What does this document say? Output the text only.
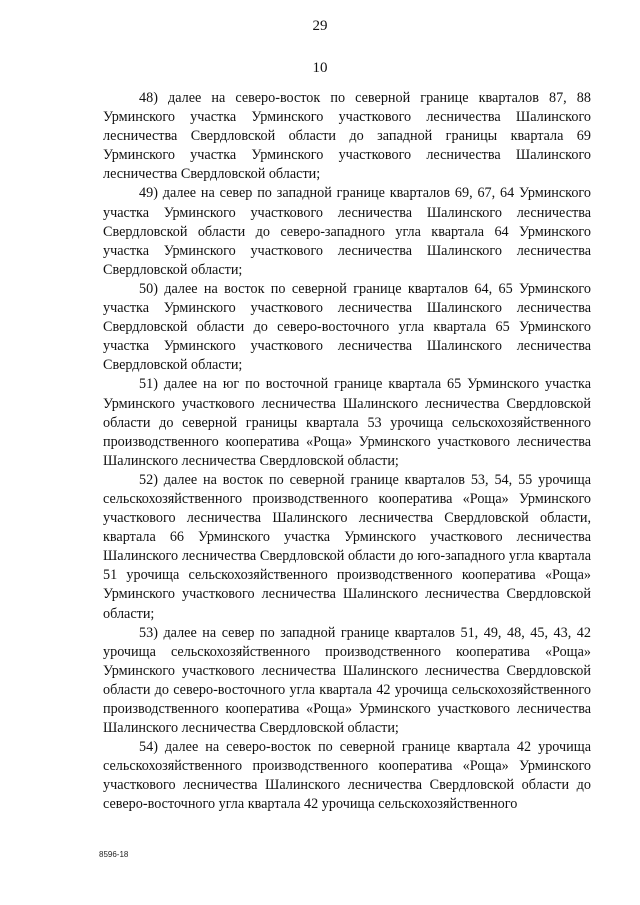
29
10

48) далее на северо-восток по северной границе кварталов 87, 88 Урминского участка Урминского участкового лесничества Шалинского лесничества Свердловской области до западной границы квартала 69 Урминского участка Урминского участкового лесничества Шалинского лесничества Свердловской области;

49) далее на север по западной границе кварталов 69, 67, 64 Урминского участка Урминского участкового лесничества Шалинского лесничества Свердловской области до северо-западного угла квартала 64 Урминского участка Урминского участкового лесничества Шалинского лесничества Свердловской области;

50) далее на восток по северной границе кварталов 64, 65 Урминского участка Урминского участкового лесничества Шалинского лесничества Свердловской области до северо-восточного угла квартала 65 Урминского участка Урминского участкового лесничества Шалинского лесничества Свердловской области;

51) далее на юг по восточной границе квартала 65 Урминского участка Урминского участкового лесничества Шалинского лесничества Свердловской области до северной границы квартала 53 урочища сельскохозяйственного производственного кооператива «Роща» Урминского участкового лесничества Шалинского лесничества Свердловской области;

52) далее на восток по северной границе кварталов 53, 54, 55 урочища сельскохозяйственного производственного кооператива «Роща» Урминского участкового лесничества Шалинского лесничества Свердловской области, квартала 66 Урминского участка Урминского участкового лесничества Шалинского лесничества Свердловской области до юго-западного угла квартала 51 урочища сельскохозяйственного производственного кооператива «Роща» Урминского участкового лесничества Шалинского лесничества Свердловской области;

53) далее на север по западной границе кварталов 51, 49, 48, 45, 43, 42 урочища сельскохозяйственного производственного кооператива «Роща» Урминского участкового лесничества Шалинского лесничества Свердловской области до северо-восточного угла квартала 42 урочища сельскохозяйственного производственного кооператива «Роща» Урминского участкового лесничества Шалинского лесничества Свердловской области;

54) далее на северо-восток по северной границе квартала 42 урочища сельскохозяйственного производственного кооператива «Роща» Урминского участкового лесничества Шалинского лесничества Свердловской области до северо-восточного угла квартала 42 урочища сельскохозяйственного

8596-18
